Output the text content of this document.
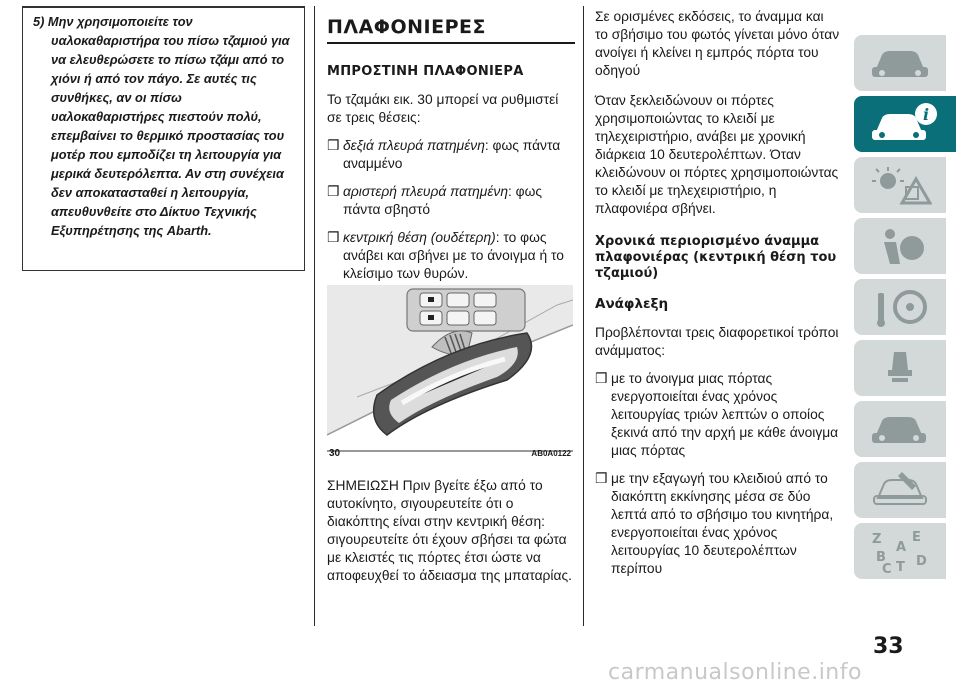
5) Μην χρησιμοποιείτε τον υαλοκαθαριστήρα του πίσω τζαμιού για να ελευθερώσετε το πίσω τζάμι από το χιόνι ή από τον πάγο. Σε αυτές τις συνθήκες, αν οι πίσω υαλοκαθαριστήρες πιεστούν πολύ, επεμβαίνει το θερμικό προστασίας του μοτέρ που εμποδίζει τη λειτουργία για μερικά δευτερόλεπτα. Αν στη συνέχεια δεν αποκατασταθεί η λειτουργία, απευθυνθείτε στο Δίκτυο Τεχνικής Εξυπηρέτησης της Abarth.

ΠΛΑΦΟΝΙΕΡΕΣ
ΜΠΡΟΣΤΙΝΗ ΠΛΑΦΟΝΙΕΡΑ

Το τζαμάκι εικ. 30 μπορεί να ρυθμιστεί σε τρεις θέσεις:

❒ δεξιά πλευρά πατημένη: φως πάντα αναμμένο
❒ αριστερή πλευρά πατημένη: φως πάντα σβηστό
❒ κεντρική θέση (ουδέτερη): το φως ανάβει και σβήνει με το άνοιγμα ή το κλείσιμο των θυρών.
30	AB0A0122

ΣΗΜΕΙΩΣΗ Πριν βγείτε έξω από το αυτοκίνητο, σιγουρευτείτε ότι ο διακόπτης είναι στην κεντρική θέση: σιγουρευτείτε ότι έχουν σβήσει τα φώτα με κλειστές τις πόρτες έτσι ώστε να αποφευχθεί το άδειασμα της μπαταρίας.

Σε ορισμένες εκδόσεις, το άναμμα και το σβήσιμο του φωτός γίνεται μόνο όταν ανοίγει ή κλείνει η εμπρός πόρτα του οδηγού

Όταν ξεκλειδώνουν οι πόρτες χρησιμοποιώντας το κλειδί με τηλεχειριστήριο, ανάβει με χρονική διάρκεια 10 δευτερολέπτων. Όταν κλειδώνουν οι πόρτες χρησιμοποιώντας το κλειδί με τηλεχειριστήριο, η πλαφονιέρα σβήνει.

Χρονικά περιορισμένο άναμμα πλαφονιέρας (κεντρική θέση του τζαμιού)
Ανάφλεξη

Προβλέπονται τρεις διαφορετικοί τρόποι ανάμματος:

❒ με το άνοιγμα μιας πόρτας ενεργοποιείται ένας χρόνος λειτουργίας τριών λεπτών ο οποίος ξεκινά από την αρχή με κάθε άνοιγμα μιας πόρτας
❒ με την εξαγωγή του κλειδιού από το διακόπτη εκκίνησης μέσα σε δύο λεπτά από το σβήσιμο του κινητήρα, ενεργοποιείται ένας χρόνος λειτουργίας 10 δευτερολέπτων περίπου
i
Z E
A
B
C T D
33
carmanualsonline.info
